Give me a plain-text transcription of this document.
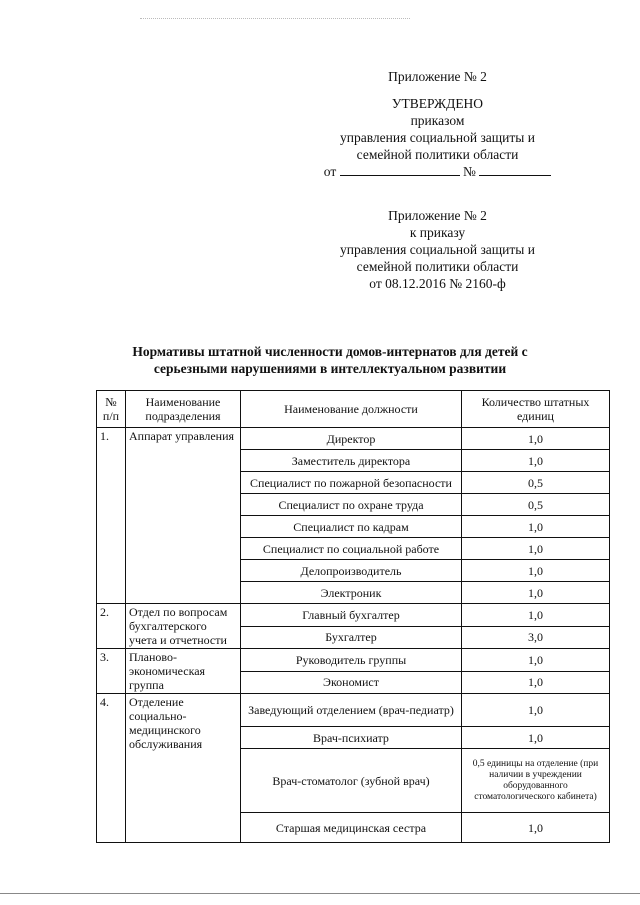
Приложение № 2
УТВЕРЖДЕНО
приказом
управления социальной защиты и
семейной политики области
от	№
Приложение № 2
к приказу
управления социальной защиты и
семейной политики области
от 08.12.2016 № 2160-ф
Нормативы штатной численности домов-интернатов для детей с
серьезными нарушениями в интеллектуальном развитии
№ п/п	Наименование подразделения	Наименование должности	Количество штатных единиц
1.	Аппарат управления	Директор	1,0
		Заместитель директора	1,0
		Специалист по пожарной безопасности	0,5
		Специалист по охране труда	0,5
		Специалист по кадрам	1,0
		Специалист по социальной работе	1,0
		Делопроизводитель	1,0
		Электроник	1,0
2.	Отдел по вопросам бухгалтерского учета и отчетности	Главный бухгалтер	1,0
		Бухгалтер	3,0
3.	Планово-экономическая группа	Руководитель группы	1,0
		Экономист	1,0
4.	Отделение социально-медицинского обслуживания	Заведующий отделением (врач-педиатр)	1,0
		Врач-психиатр	1,0
		Врач-стоматолог (зубной врач)	0,5 единицы на отделение (при наличии в учреждении оборудованного стоматологического кабинета)
		Старшая медицинская сестра	1,0
